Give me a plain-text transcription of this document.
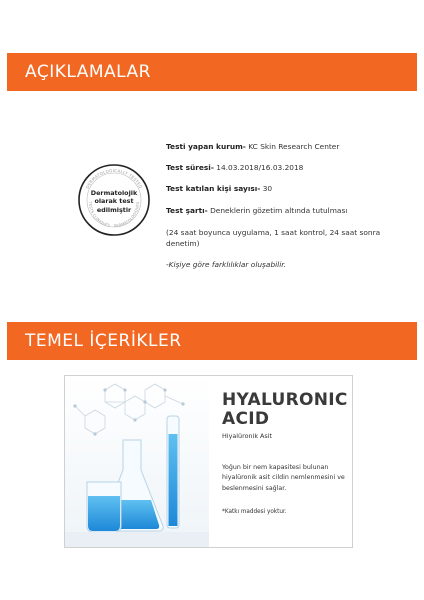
AÇIKLAMALAR
DERMATOLOGICALLY TESTED
TESTS CLINIQUES · DERMATOLOGIQUES
Dermatolojik
olarak test
edilmiştir
Testi yapan kurum- KC Skin Research Center
Test süresi- 14.03.2018/16.03.2018
Test katılan kişi sayısı- 30
Test şartı- Deneklerin gözetim altında tutulması
(24 saat boyunca uygulama, 1 saat kontrol, 24 saat sonra denetim)
-Kişiye göre farklılıklar oluşabilir.
TEMEL İÇERİKLER
HYALURONIC
ACID
Hiyalüronik Asit
Yoğun bir nem kapasitesi bulunan hiyalüronik asit cildin nemlenmesini ve beslenmesini sağlar.
*Katkı maddesi yoktur.
